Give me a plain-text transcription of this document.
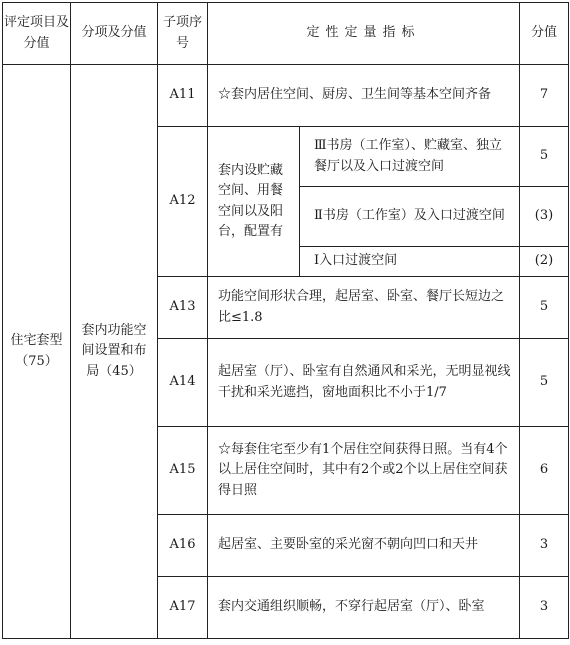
评定项目及分值	分项及分值	子项序号	定性定量指标		分值
住宅套型（75）	套内功能空间设置和布局（45）	A11	☆套内居住空间、厨房、卫生间等基本空间齐备		7
		A12	套内设贮藏空间、用餐空间以及阳台，配置有	Ⅲ书房（工作室）、贮藏室、独立餐厅以及入口过渡空间	5
				Ⅱ书房（工作室）及入口过渡空间	(3)
				Ⅰ入口过渡空间	(2)
		A13	功能空间形状合理，起居室、卧室、餐厅长短边之比≤1.8		5
		A14	起居室（厅）、卧室有自然通风和采光，无明显视线干扰和采光遮挡，窗地面积比不小于1/7		5
		A15	☆每套住宅至少有1个居住空间获得日照。当有4个以上居住空间时，其中有2个或2个以上居住空间获得日照		6
		A16	起居室、主要卧室的采光窗不朝向凹口和天井		3
		A17	套内交通组织顺畅，不穿行起居室（厅）、卧室		3
